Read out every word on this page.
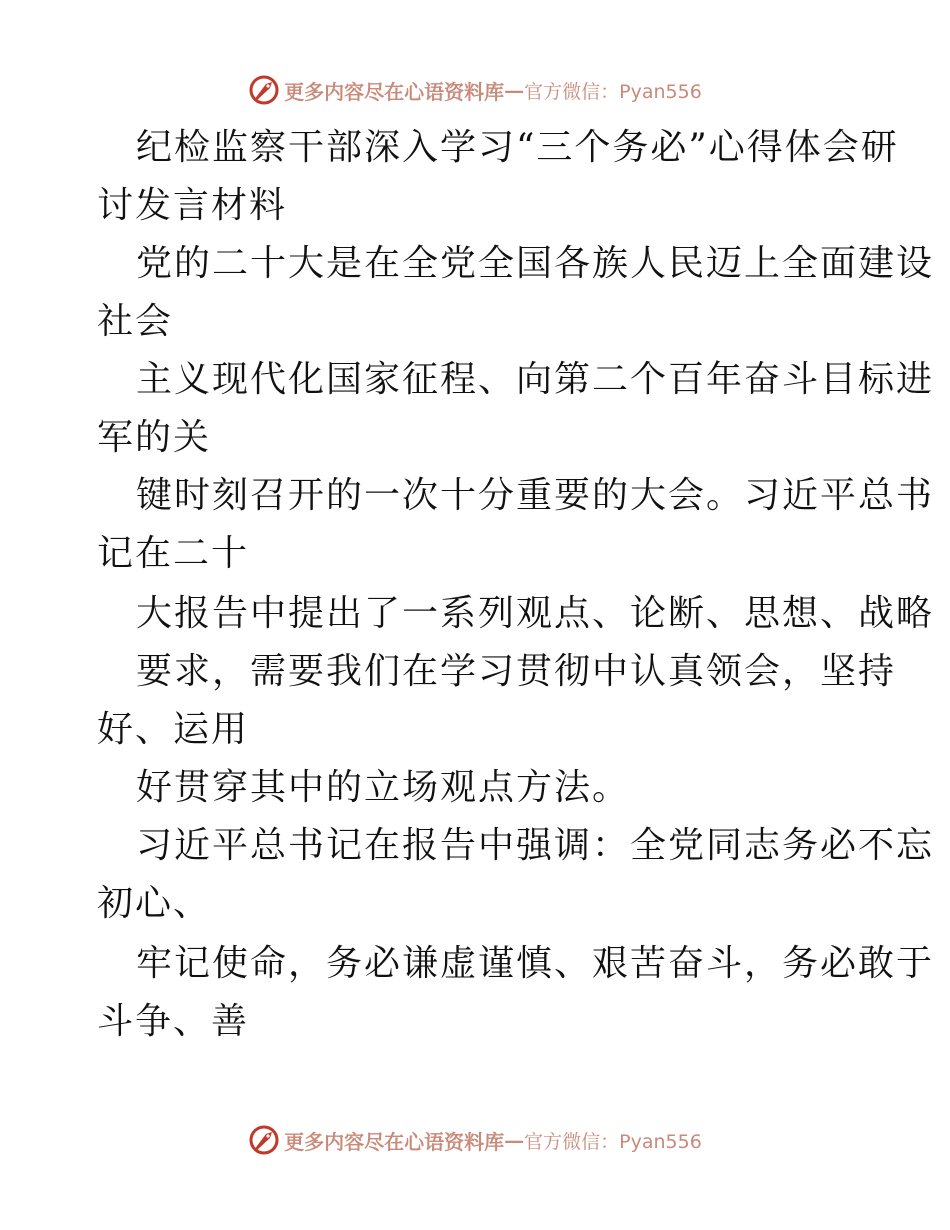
更多内容尽在心语资料库 — 官方微信：Pyan556
纪检监察干部深入学习“三个务必”心得体会研
讨发言材料
党的二十大是在全党全国各族人民迈上全面建设
社会
主义现代化国家征程、向第二个百年奋斗目标进
军的关
键时刻召开的一次十分重要的大会。习近平总书
记在二十
大报告中提出了一系列观点、论断、思想、战略
要求，需要我们在学习贯彻中认真领会，坚持
好、运用
好贯穿其中的立场观点方法。
习近平总书记在报告中强调：全党同志务必不忘
初心、
牢记使命，务必谦虚谨慎、艰苦奋斗，务必敢于
斗争、善
更多内容尽在心语资料库 — 官方微信：Pyan556
